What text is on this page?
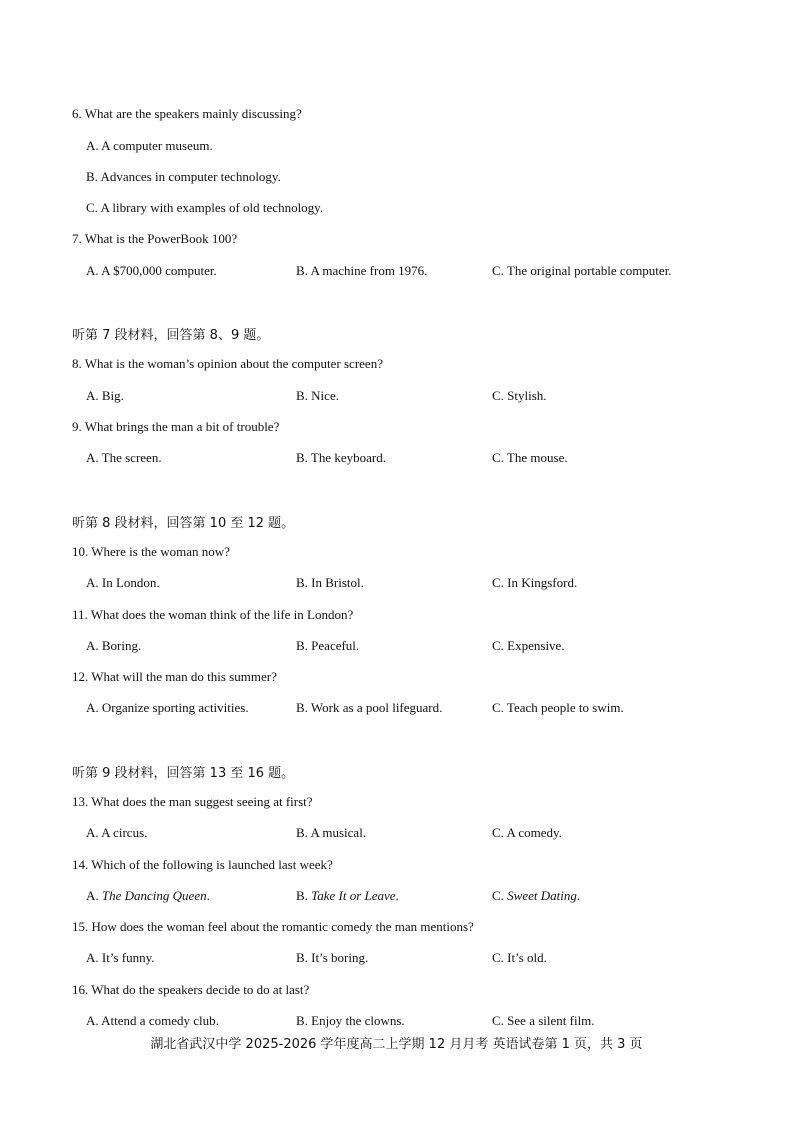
6. What are the speakers mainly discussing?
A. A computer museum.
B. Advances in computer technology.
C. A library with examples of old technology.
7. What is the PowerBook 100?
A. A $700,000 computer.	B. A machine from 1976.	C. The original portable computer.
听第 7 段材料，回答第 8、9 题。
8. What is the woman’s opinion about the computer screen?
A. Big.	B. Nice.	C. Stylish.
9. What brings the man a bit of trouble?
A. The screen.	B. The keyboard.	C. The mouse.
听第 8 段材料，回答第 10 至 12 题。
10. Where is the woman now?
A. In London.	B. In Bristol.	C. In Kingsford.
11. What does the woman think of the life in London?
A. Boring.	B. Peaceful.	C. Expensive.
12. What will the man do this summer?
A. Organize sporting activities.	B. Work as a pool lifeguard.	C. Teach people to swim.
听第 9 段材料，回答第 13 至 16 题。
13. What does the man suggest seeing at first?
A. A circus.	B. A musical.	C. A comedy.
14. Which of the following is launched last week?
A. The Dancing Queen.	B. Take It or Leave.	C. Sweet Dating.
15. How does the woman feel about the romantic comedy the man mentions?
A. It’s funny.	B. It’s boring.	C. It’s old.
16. What do the speakers decide to do at last?
A. Attend a comedy club.	B. Enjoy the clowns.	C. See a silent film.
湖北省武汉中学 2025-2026 学年度高二上学期 12 月月考 英语试卷第 1 页，共 3 页
